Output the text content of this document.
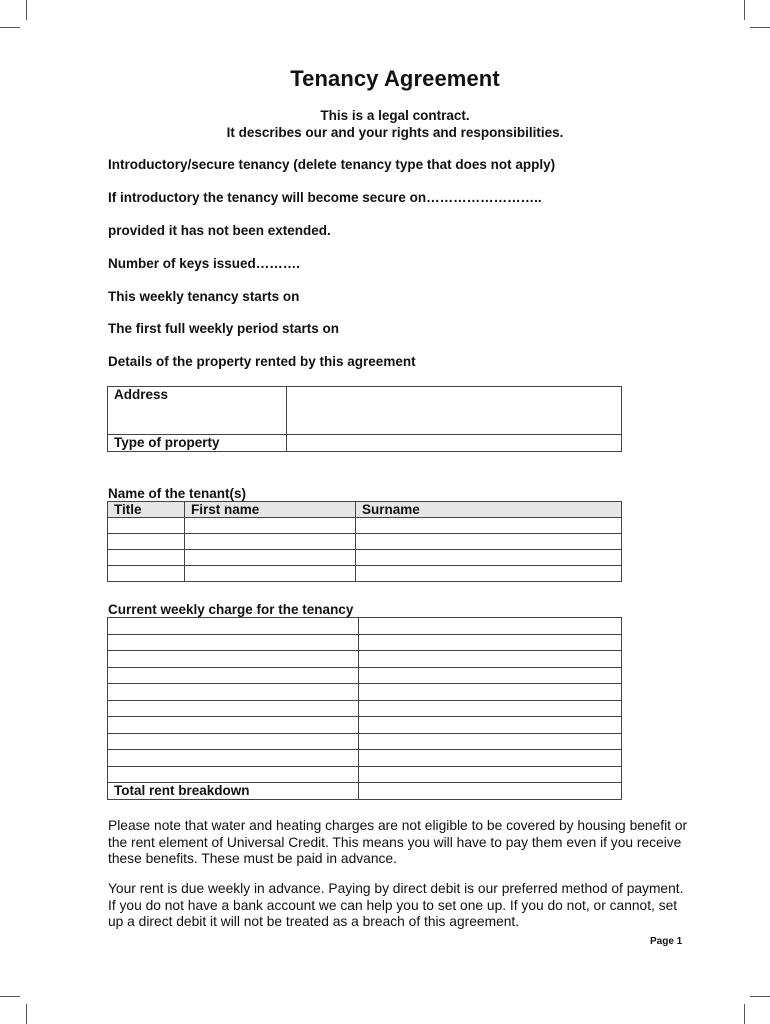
Tenancy Agreement
This is a legal contract.
It describes our and your rights and responsibilities.
Introductory/secure tenancy (delete tenancy type that does not apply)
If introductory the tenancy will become secure on……………………..
provided it has not been extended.
Number of keys issued……….
This weekly tenancy starts on
The first full weekly period starts on
Details of the property rented by this agreement
Address	
Type of property	
Name of the tenant(s)
Title	First name	Surname

Current weekly charge for the tenancy

Total rent breakdown	
Please note that water and heating charges are not eligible to be covered by housing benefit or the rent element of Universal Credit. This means you will have to pay them even if you receive these benefits. These must be paid in advance.
Your rent is due weekly in advance. Paying by direct debit is our preferred method of payment. If you do not have a bank account we can help you to set one up. If you do not, or cannot, set up a direct debit it will not be treated as a breach of this agreement.
Page 1
